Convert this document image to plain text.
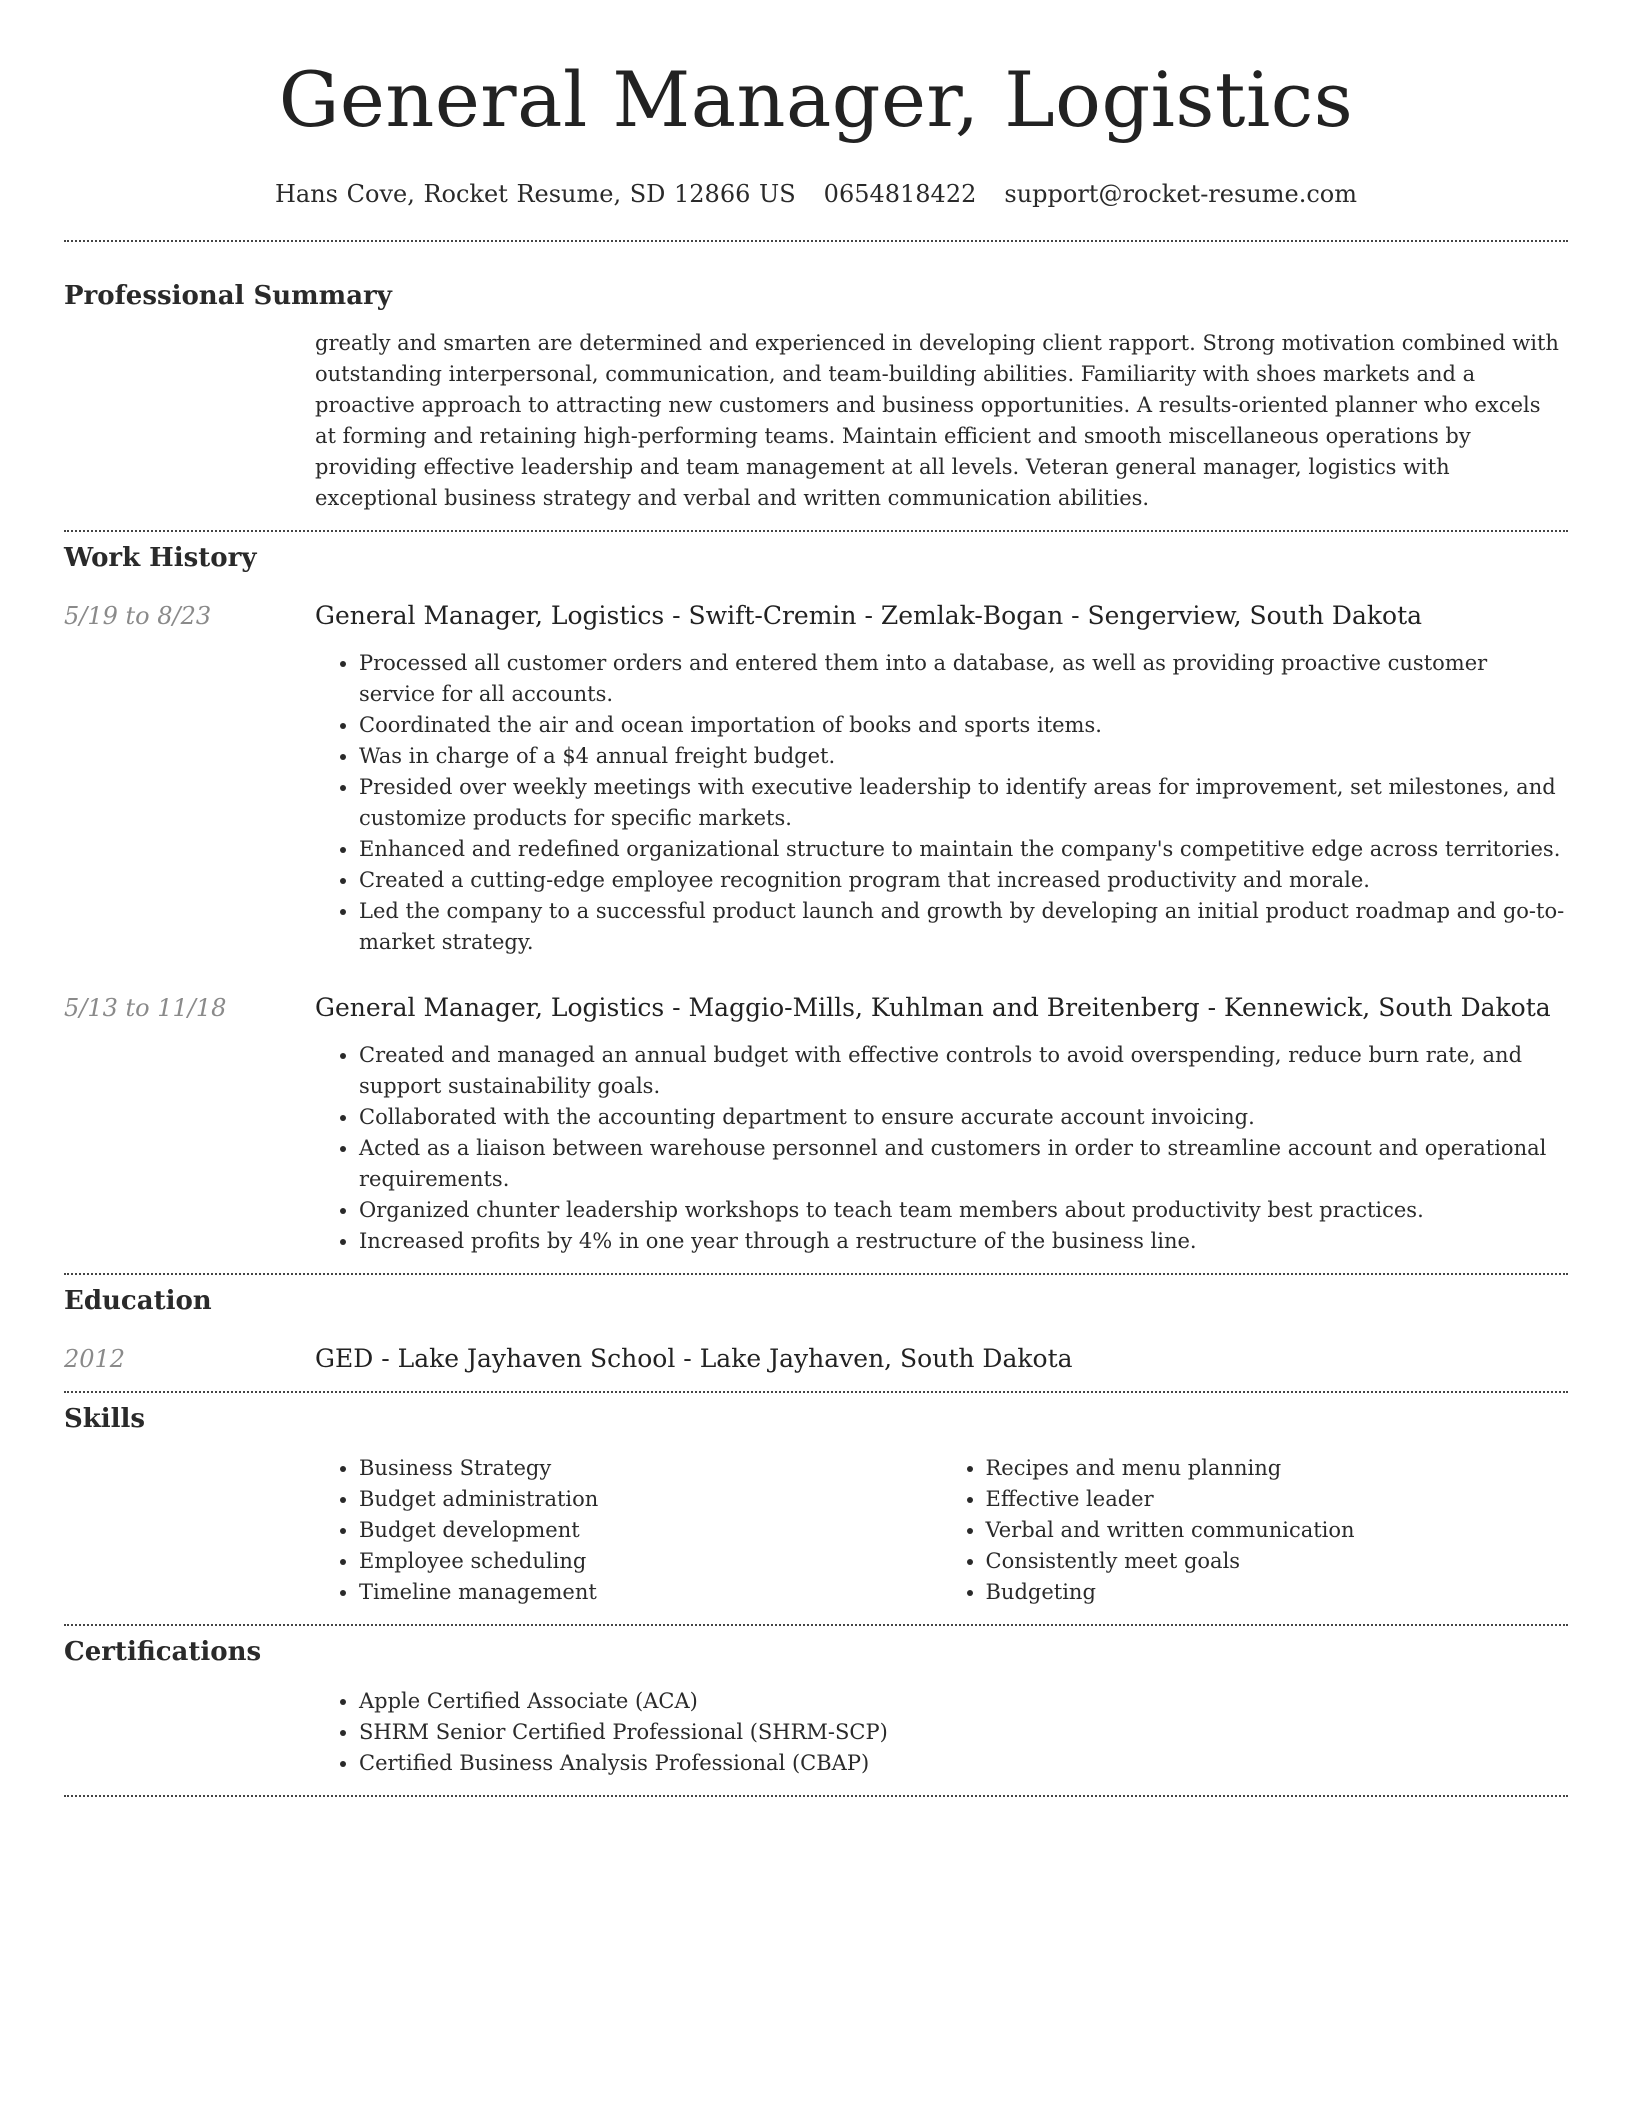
General Manager, Logistics
Hans Cove, Rocket Resume, SD 12866 US 0654818422 support@rocket-resume.com
Professional Summary

greatly and smarten are determined and experienced in developing client rapport. Strong motivation combined with outstanding interpersonal, communication, and team-building abilities. Familiarity with shoes markets and a proactive approach to attracting new customers and business opportunities. A results-oriented planner who excels at forming and retaining high-performing teams. Maintain efficient and smooth miscellaneous operations by providing effective leadership and team management at all levels. Veteran general manager, logistics with exceptional business strategy and verbal and written communication abilities.

Work History
5/19 to 8/23	General Manager, Logistics - Swift-Cremin - Zemlak-Bogan - Sengerview, South Dakota
• Processed all customer orders and entered them into a database, as well as providing proactive customer service for all accounts.
• Coordinated the air and ocean importation of books and sports items.
• Was in charge of a $4 annual freight budget.
• Presided over weekly meetings with executive leadership to identify areas for improvement, set milestones, and customize products for specific markets.
• Enhanced and redefined organizational structure to maintain the company's competitive edge across territories.
• Created a cutting-edge employee recognition program that increased productivity and morale.
• Led the company to a successful product launch and growth by developing an initial product roadmap and go-to-market strategy.
5/13 to 11/18	General Manager, Logistics - Maggio-Mills, Kuhlman and Breitenberg - Kennewick, South Dakota
• Created and managed an annual budget with effective controls to avoid overspending, reduce burn rate, and support sustainability goals.
• Collaborated with the accounting department to ensure accurate account invoicing.
• Acted as a liaison between warehouse personnel and customers in order to streamline account and operational requirements.
• Organized chunter leadership workshops to teach team members about productivity best practices.
• Increased profits by 4% in one year through a restructure of the business line.
Education
2012	GED - Lake Jayhaven School - Lake Jayhaven, South Dakota
Skills
• Business Strategy
• Budget administration
• Budget development
• Employee scheduling
• Timeline management
• Recipes and menu planning
• Effective leader
• Verbal and written communication
• Consistently meet goals
• Budgeting
Certifications
• Apple Certified Associate (ACA)
• SHRM Senior Certified Professional (SHRM-SCP)
• Certified Business Analysis Professional (CBAP)
